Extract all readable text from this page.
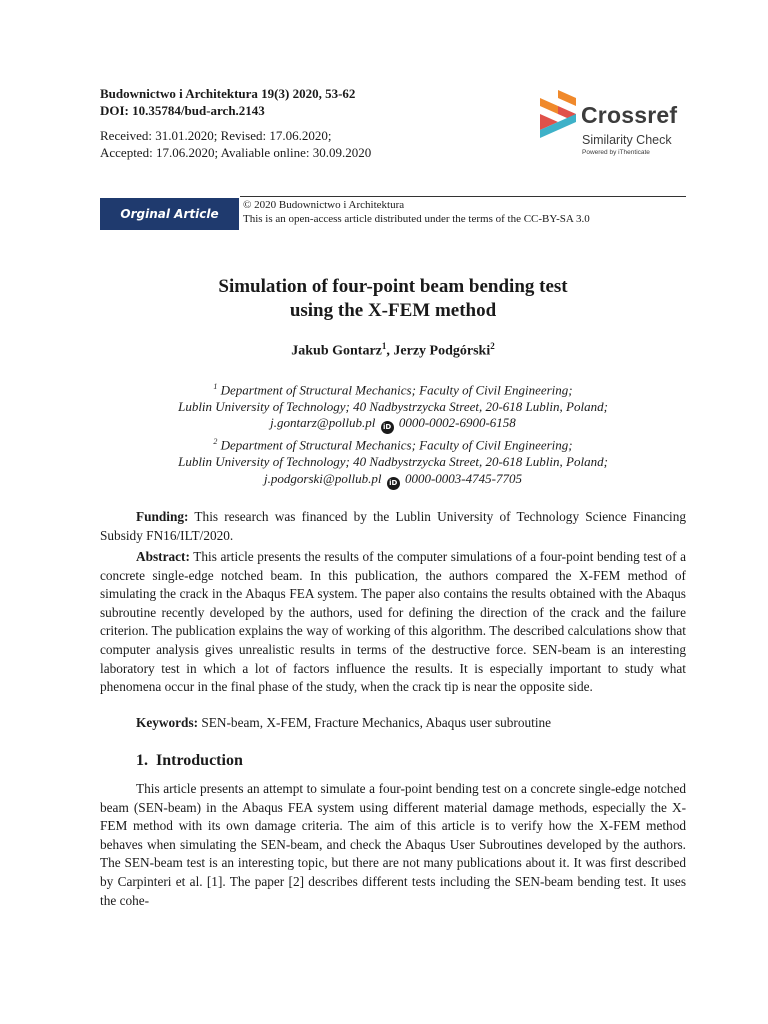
Budownictwo i Architektura 19(3) 2020, 53-62
DOI: 10.35784/bud-arch.2143
Received: 31.01.2020; Revised: 17.06.2020;
Accepted: 17.06.2020; Avaliable online: 30.09.2020
Crossref
Similarity Check
Powered by iThenticate
Orginal Article
© 2020 Budownictwo i Architektura
This is an open-access article distributed under the terms of the CC-BY-SA 3.0
Simulation of four-point beam bending test
using the X-FEM method
Jakub Gontarz$^1$, Jerzy Podgórski$^2$
$^1$ Department of Structural Mechanics; Faculty of Civil Engineering;
Lublin University of Technology; 40 Nadbystrzycka Street, 20-618 Lublin, Poland;
j.gontarz@pollub.pl iD 0000-0002-6900-6158
$^2$ Department of Structural Mechanics; Faculty of Civil Engineering;
Lublin University of Technology; 40 Nadbystrzycka Street, 20-618 Lublin, Poland;
j.podgorski@pollub.pl iD 0000-0003-4745-7705

Funding: This research was financed by the Lublin University of Technology Science Financing Subsidy FN16/ILT/2020.

Abstract: This article presents the results of the computer simulations of a four-point bending test of a concrete single-edge notched beam. In this publication, the authors compared the X-FEM method of simulating the crack in the Abaqus FEA system. The paper also contains the results obtained with the Abaqus subroutine recently developed by the authors, used for defining the direction of the crack and the failure criterion. The publication explains the way of working of this algorithm. The described calculations show that computer analysis gives unrealistic results in terms of the destructive force. SEN-beam is an interesting laboratory test in which a lot of factors influence the results. It is especially important to study what phenomena occur in the final phase of the study, when the crack tip is near the opposite side.

Keywords: SEN-beam, X-FEM, Fracture Mechanics, Abaqus user subroutine

1. Introduction

This article presents an attempt to simulate a four-point bending test on a concrete single-edge notched beam (SEN-beam) in the Abaqus FEA system using different material damage methods, especially the X-FEM method with its own damage criteria. The aim of this article is to verify how the X-FEM method behaves when simulating the SEN-beam, and check the Abaqus User Subroutines developed by the authors. The SEN-beam test is an interesting topic, but there are not many publications about it. It was first described by Carpinteri et al. [1]. The paper [2] describes different tests including the SEN-beam bending test. It uses the cohe-
